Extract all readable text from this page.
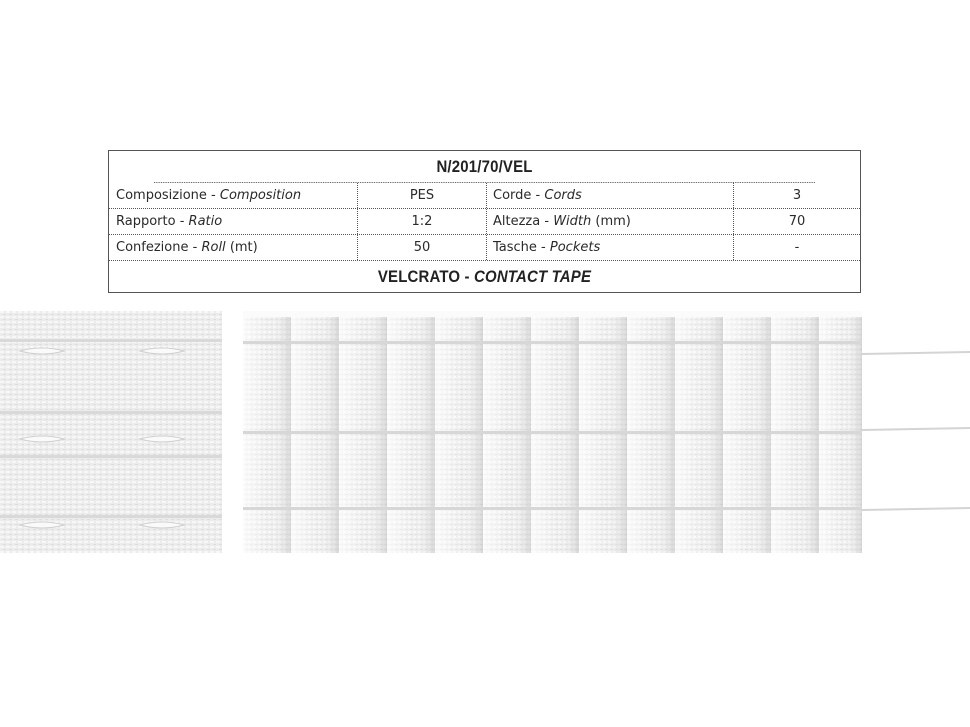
N/201/70/VEL
Composizione - Composition	PES	Corde - Cords	3
Rapporto - Ratio	1:2	Altezza - Width (mm)	70
Confezione - Roll (mt)	50	Tasche - Pockets	-
VELCRATO - CONTACT TAPE
